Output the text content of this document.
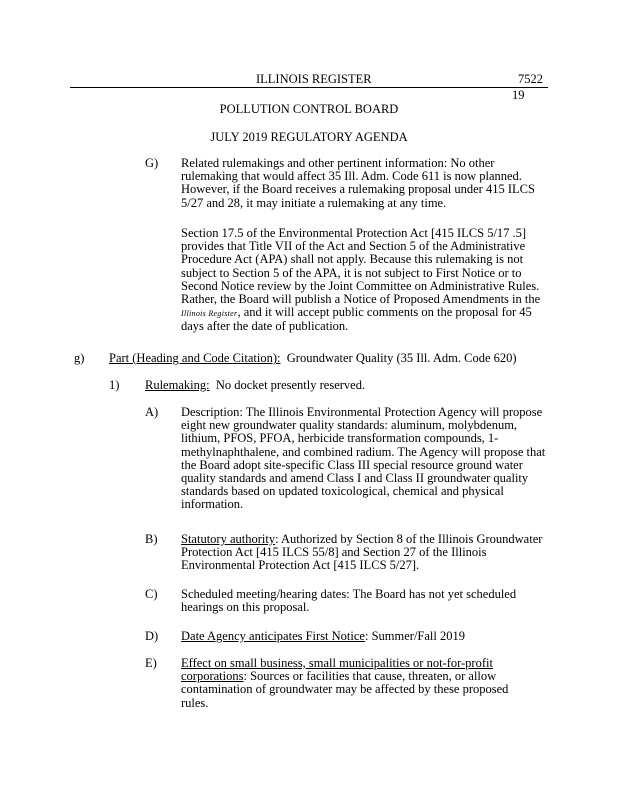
ILLINOIS REGISTER	7522
19
POLLUTION CONTROL BOARD
JULY 2019 REGULATORY AGENDA
G) Related rulemakings and other pertinent information: No other rulemaking that would affect 35 Ill. Adm. Code 611 is now planned. However, if the Board receives a rulemaking proposal under 415 ILCS 5/27 and 28, it may initiate a rulemaking at any time.
Section 17.5 of the Environmental Protection Act [415 ILCS 5/17 .5] provides that Title VII of the Act and Section 5 of the Administrative Procedure Act (APA) shall not apply. Because this rulemaking is not subject to Section 5 of the APA, it is not subject to First Notice or to Second Notice review by the Joint Committee on Administrative Rules. Rather, the Board will publish a Notice of Proposed Amendments in the Illinois Register, and it will accept public comments on the proposal for 45 days after the date of publication.
g) Part (Heading and Code Citation): Groundwater Quality (35 Ill. Adm. Code 620)
1) Rulemaking: No docket presently reserved.
A) Description: The Illinois Environmental Protection Agency will propose eight new groundwater quality standards: aluminum, molybdenum, lithium, PFOS, PFOA, herbicide transformation compounds, 1-methylnaphthalene, and combined radium. The Agency will propose that the Board adopt site-specific Class III special resource ground water quality standards and amend Class I and Class II groundwater quality standards based on updated toxicological, chemical and physical information.
B) Statutory authority: Authorized by Section 8 of the Illinois Groundwater Protection Act [415 ILCS 55/8] and Section 27 of the Illinois Environmental Protection Act [415 ILCS 5/27].
C) Scheduled meeting/hearing dates: The Board has not yet scheduled hearings on this proposal.
D) Date Agency anticipates First Notice: Summer/Fall 2019
E) Effect on small business, small municipalities or not-for-profit corporations: Sources or facilities that cause, threaten, or allow contamination of groundwater may be affected by these proposed rules.
